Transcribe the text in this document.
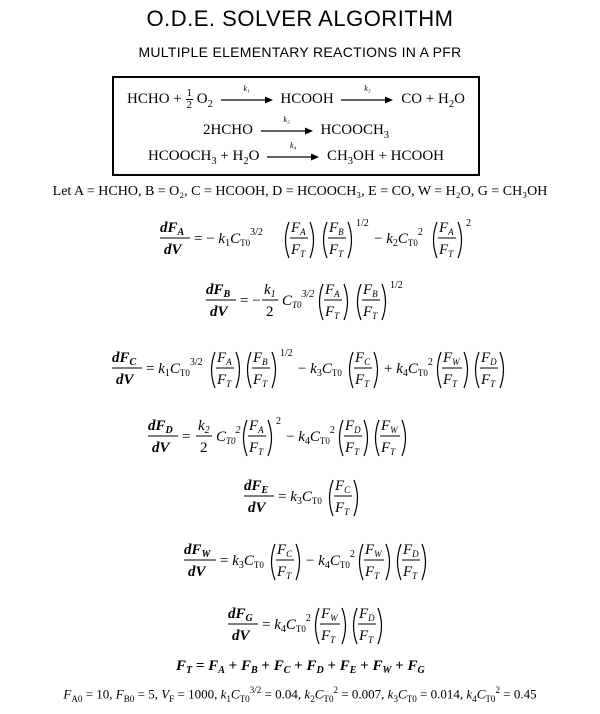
O.D.E. SOLVER ALGORITHM
MULTIPLE ELEMENTARY REACTIONS IN A PFR
HCHO + $\frac{1}{2} O_2$
k₁
HCOOH
k₃
CO + $H_2O$
2HCHO
k₂
$HCOOCH_3$
$HCOOCH_3 + H_2O$
k₄
$CH_3OH$ + HCOOH
Let A = HCHO, B = O₂, C = HCOOH, D = HCOOCH₃, E = CO, W = H₂O, G = CH₃OH
$dF_A$
dV
= − $k_1C_{T0}^{3/2}$ $F_A$
$F_T$
$F_B$
$F_T$
1/2
− $k_2C_{T0}^2$ $F_A$
$F_T$
2
$dF_B$
dV
= −
$k_1$
2
$C_{T0}^{3/2}$ $F_A$
$F_T$
$F_B$
$F_T$
1/2
$dF_C$
dV
= $k_1C_{T0}^{3/2}$ $F_A$
$F_T$
$F_B$
$F_T$
1/2
− $k_3C_{T0}$
$F_C$
$F_T$
+ $k_4C_{T0}^2$ $F_W$
$F_T$
$F_D$
$F_T$
$dF_D$
dV
=
$k_2$
2
$C_{T0}^2$ $F_A$
$F_T$
2
− $k_4C_{T0}^2$ $F_D$
$F_T$
$F_W$
$F_T$
$dF_E$
dV
= $k_3C_{T0}$
$F_C$
$F_T$
$dF_W$
dV
= $k_3C_{T0}$
$F_C$
$F_T$
− $k_4C_{T0}^2$ $F_W$
$F_T$
$F_D$
$F_T$
$dF_G$
dV
= $k_4C_{T0}^2$ $F_W$
$F_T$
$F_D$
$F_T$
$F_T = F_A + F_B + F_C + F_D + F_E + F_W + F_G$
$F_{A0} = 10$, $F_{B0} = 5$, $V_F = 1000$, $k_1C_{T0}^{3/2} = 0.04$, $k_2C_{T0}^2 = 0.007$, $k_3C_{T0} = 0.014$, $k_4C_{T0}^2 = 0.45$
